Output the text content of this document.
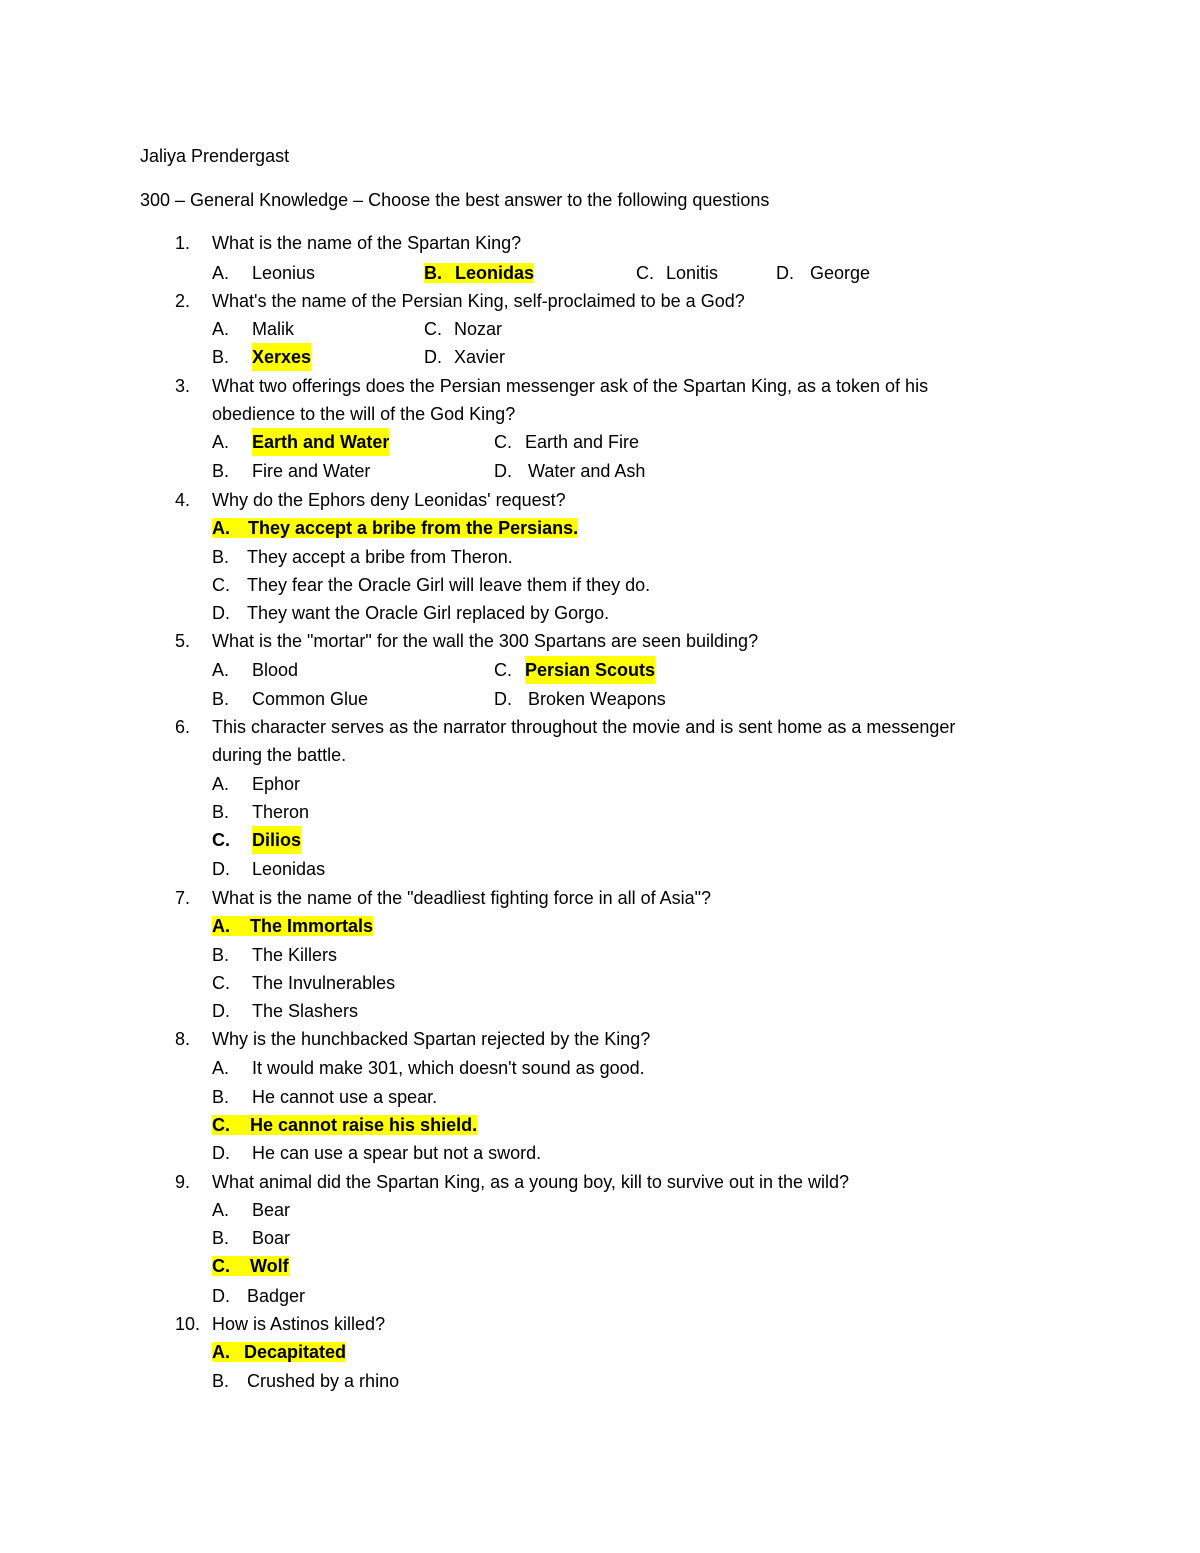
Jaliya Prendergast
300 – General Knowledge – Choose the best answer to the following questions
1. What is the name of the Spartan King?
A. Leonius	B. Leonidas	C. Lonitis	D. George
2. What's the name of the Persian King, self-proclaimed to be a God?
A. Malik	C. Nozar
B. Xerxes	D. Xavier
3. What two offerings does the Persian messenger ask of the Spartan King, as a token of his
obedience to the will of the God King?
A. Earth and Water	C. Earth and Fire
B. Fire and Water	D. Water and Ash
4. Why do the Ephors deny Leonidas' request?
A. They accept a bribe from the Persians.
B. They accept a bribe from Theron.
C. They fear the Oracle Girl will leave them if they do.
D. They want the Oracle Girl replaced by Gorgo.
5. What is the "mortar" for the wall the 300 Spartans are seen building?
A. Blood	C. Persian Scouts
B. Common Glue	D. Broken Weapons
6. This character serves as the narrator throughout the movie and is sent home as a messenger
during the battle.
A. Ephor
B. Theron
C. Dilios
D. Leonidas
7. What is the name of the "deadliest fighting force in all of Asia"?
A. The Immortals
B. The Killers
C. The Invulnerables
D. The Slashers
8. Why is the hunchbacked Spartan rejected by the King?
A. It would make 301, which doesn't sound as good.
B. He cannot use a spear.
C. He cannot raise his shield.
D. He can use a spear but not a sword.
9. What animal did the Spartan King, as a young boy, kill to survive out in the wild?
A. Bear
B. Boar
C. Wolf
D. Badger
10. How is Astinos killed?
A. Decapitated
B. Crushed by a rhino
